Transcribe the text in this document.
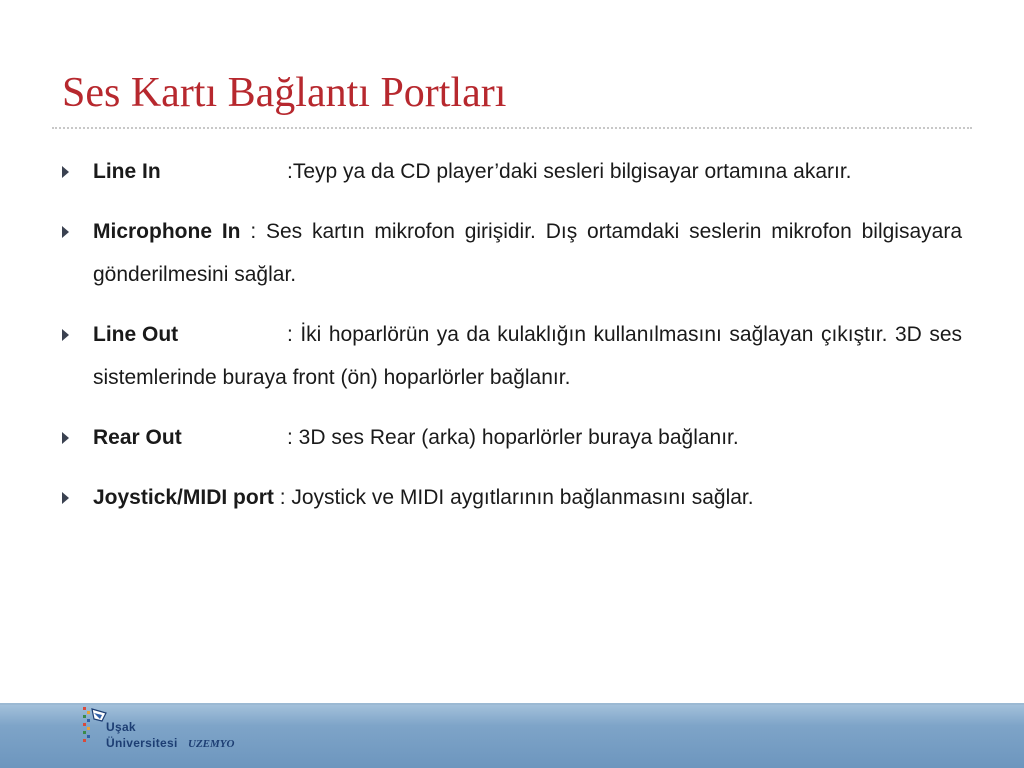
Ses Kartı Bağlantı Portları
Line In	:Teyp ya da CD player’daki sesleri bilgisayar ortamına akarır.
Microphone In : Ses kartın mikrofon girişidir. Dış ortamdaki seslerin mikrofon bilgisayara gönderilmesini sağlar.
Line Out	: İki hoparlörün ya da kulaklığın kullanılmasını sağlayan çıkıştır. 3D ses sistemlerinde buraya front (ön) hoparlörler bağlanır.
Rear Out	: 3D ses Rear (arka) hoparlörler buraya bağlanır.
Joystick/MIDI port : Joystick ve MIDI aygıtlarının bağlanmasını sağlar.
Uşak
Üniversitesi UZEMYO
